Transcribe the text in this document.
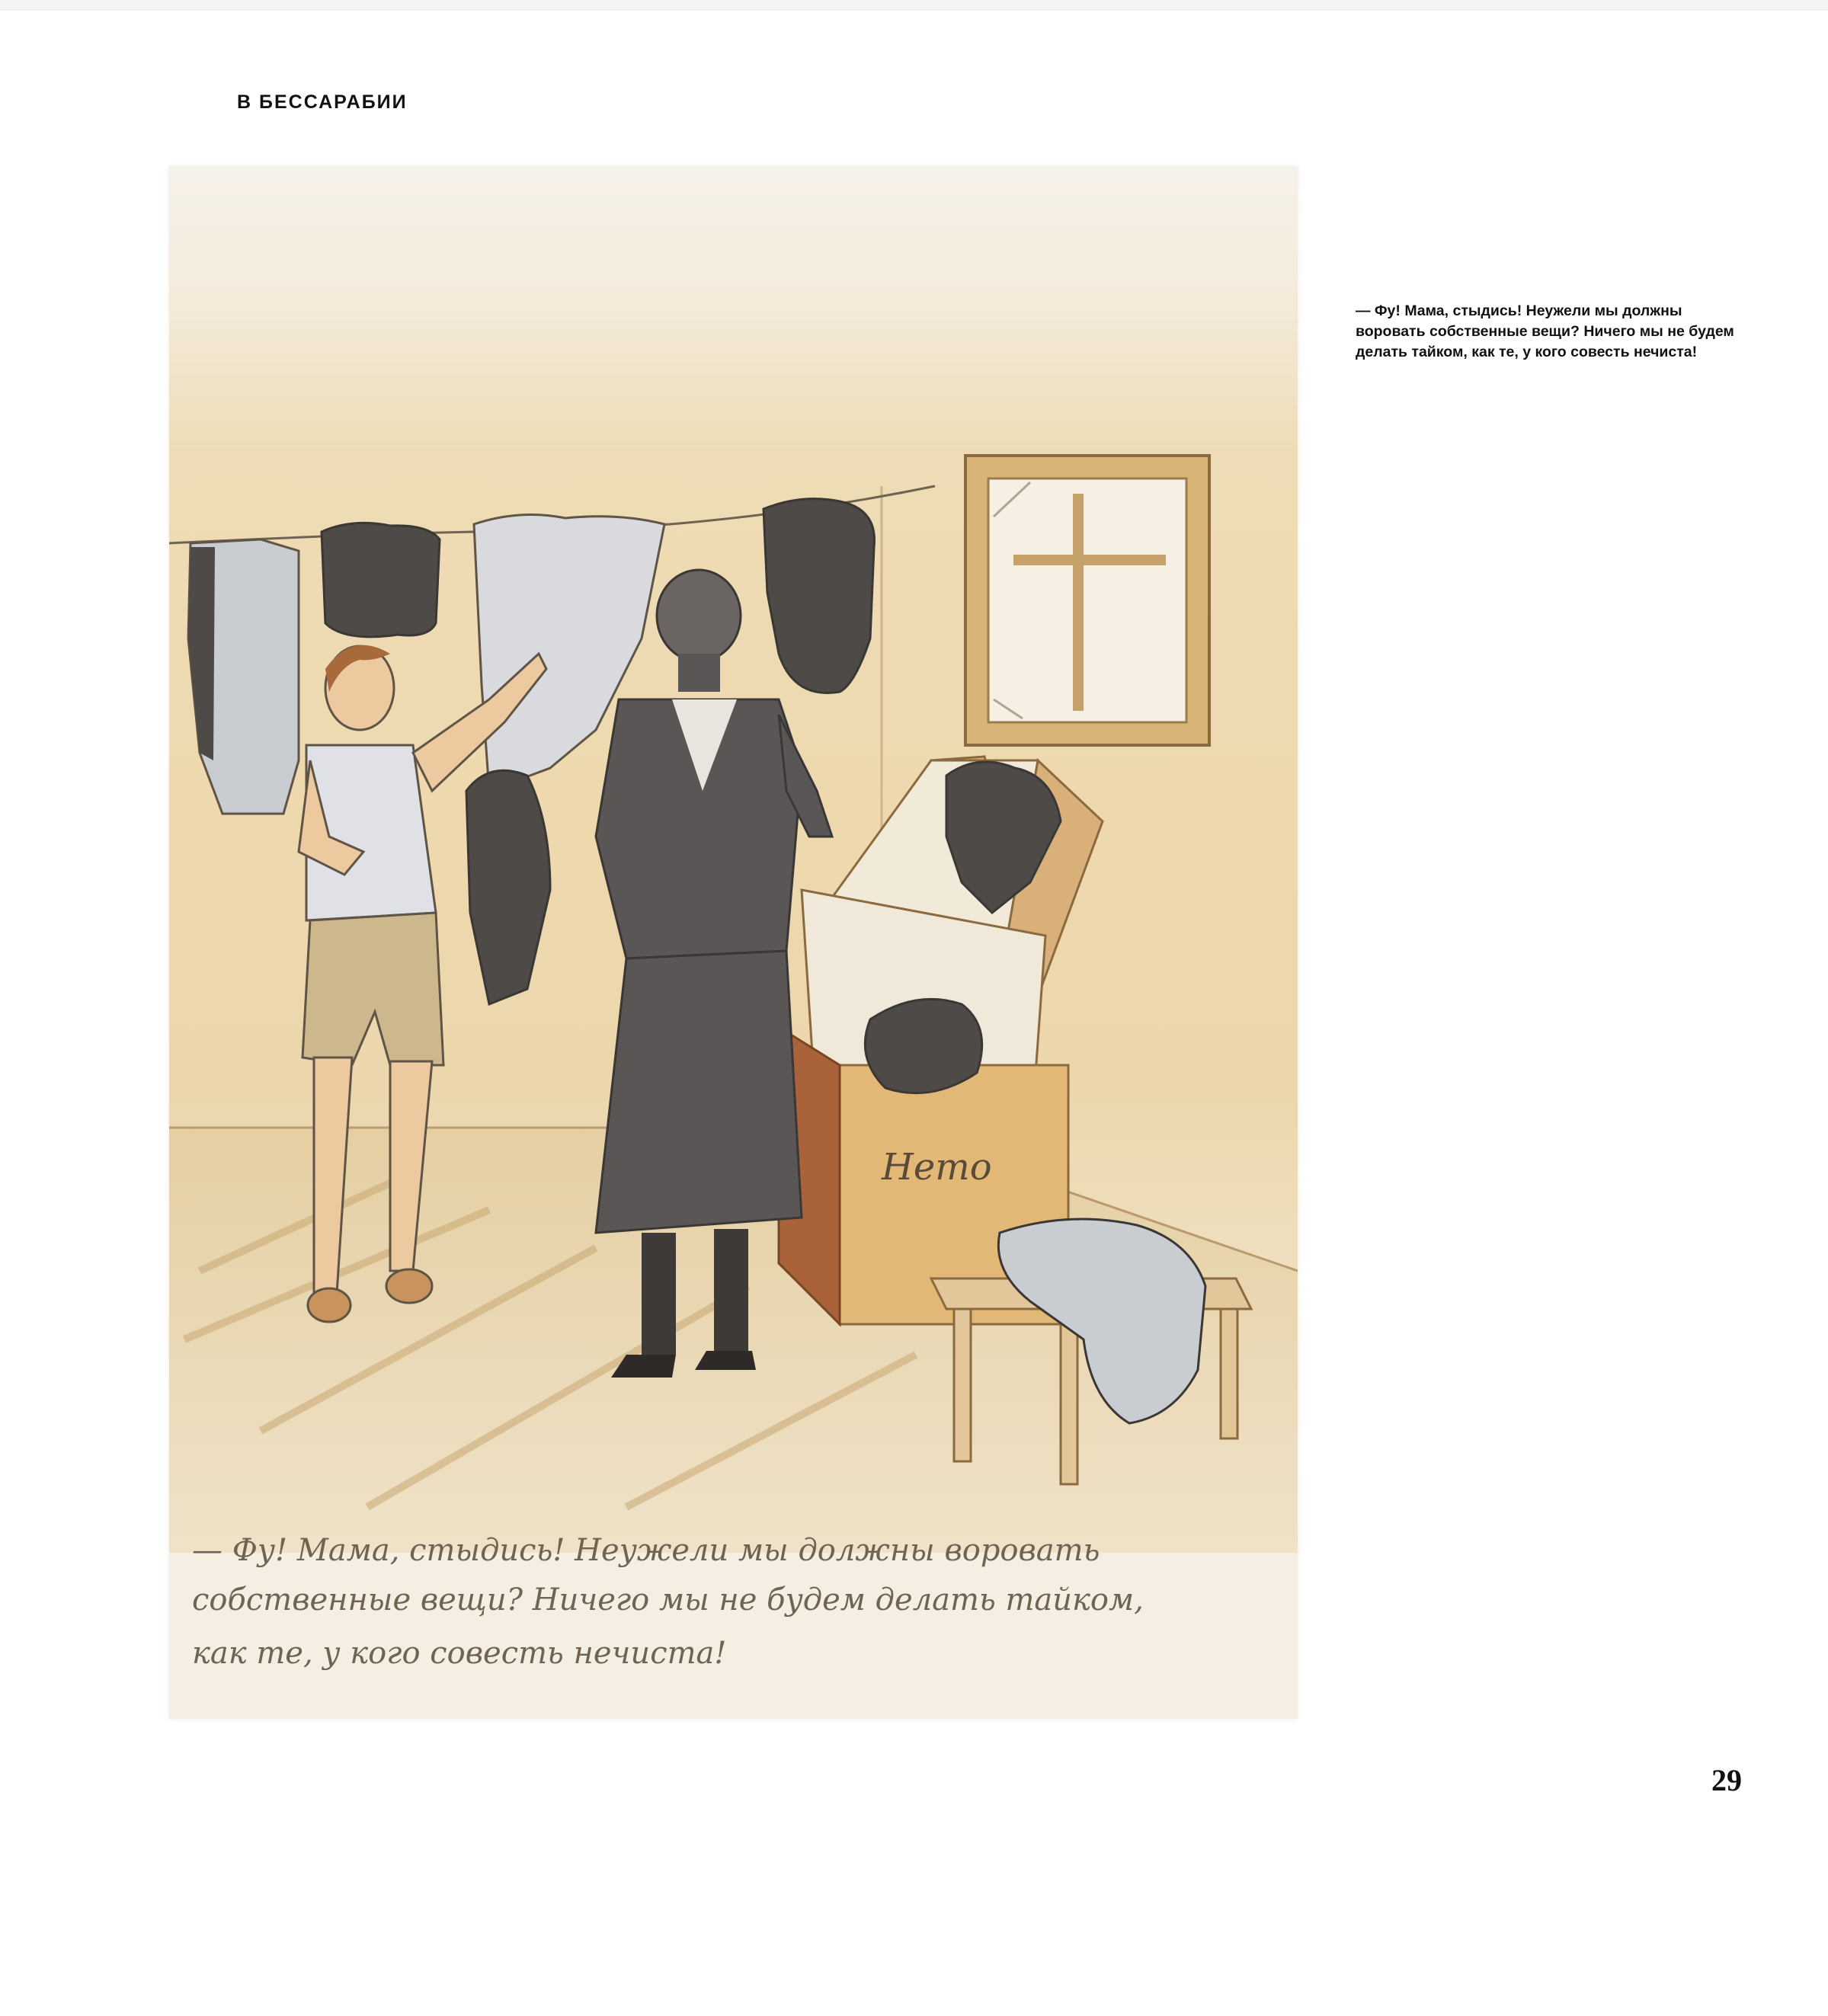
В БЕССАРАБИИ
Нето
— Фу! Мама, стыдись! Неужели мы должны воровать
собственные вещи? Ничего мы не будем делать тайком,
как те, у кого совесть нечиста!
— Фу! Мама, стыдись! Неужели мы должны воровать собственные вещи? Ничего мы не будем делать тайком, как те, у кого совесть нечиста!
29
